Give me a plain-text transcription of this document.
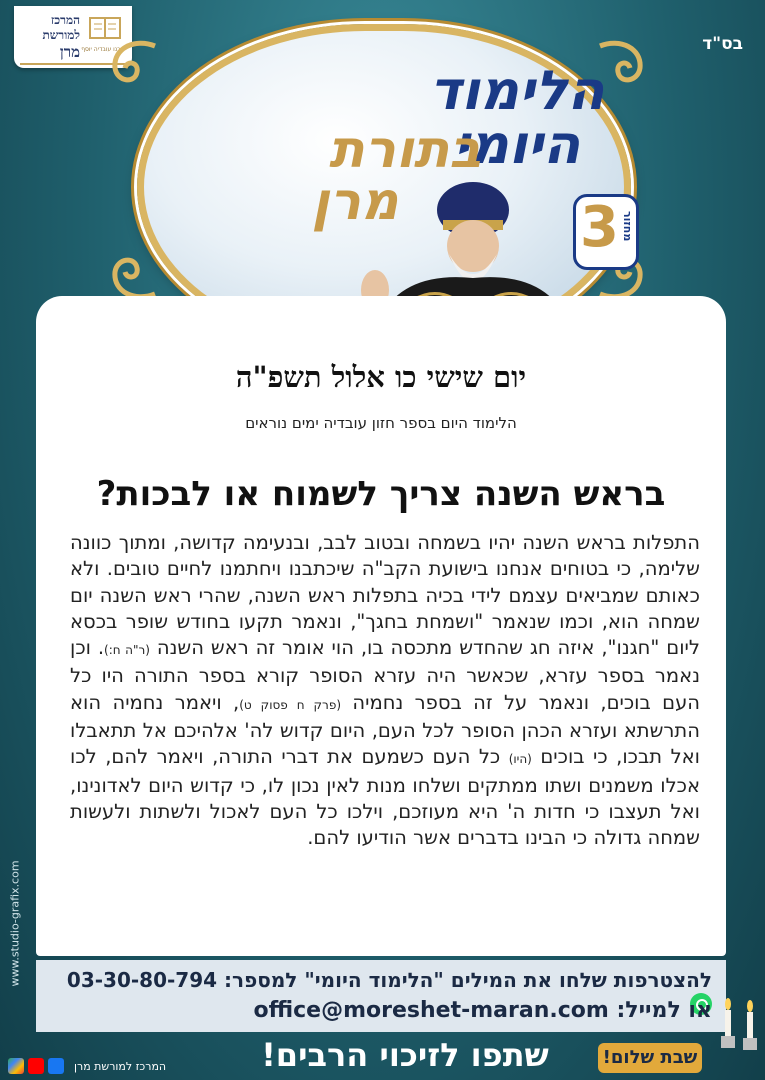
המרכז
למורשת
מרן רבנו עובדיה יוסף	בס"ד
הלימוד
היומי
בתורת
מרן	3 מחזור
יום שישי כו אלול תשפ"ה
הלימוד היום בספר חזון עובדיה ימים נוראים
בראש השנה צריך לשמוח או לבכות?
התפלות בראש השנה יהיו בשמחה ובטוב לבב, ובנעימה קדושה, ומתוך כוונה שלימה, כי בטוחים אנחנו בישועת הקב"ה שיכתבנו ויחתמנו לחיים טובים. ולא כאותם שמביאים עצמם לידי בכיה בתפלות ראש השנה, שהרי ראש השנה יום שמחה הוא, וכמו שנאמר "ושמחת בחגך", ונאמר תקעו בחודש שופר בכסא ליום "חגנו", איזה חג שהחדש מתכסה בו, הוי אומר זה ראש השנה (ר"ה ח:). וכן נאמר בספר עזרא, שכאשר היה עזרא הסופר קורא בספר התורה היו כל העם בוכים, ונאמר על זה בספר נחמיה (פרק ח פסוק ט), ויאמר נחמיה הוא התרשתא ועזרא הכהן הסופר לכל העם, היום קדוש לה' אלהיכם אל תתאבלו ואל תבכו, כי בוכים (היו) כל העם כשמעם את דברי התורה, ויאמר להם, לכו אכלו משמנים ושתו ממתקים ושלחו מנות לאין נכון לו, כי קדוש היום לאדונינו, ואל תעצבו כי חדות ה' היא מעוזכם, וילכו כל העם לאכול ולשתות ולעשות שמחה גדולה כי הבינו בדברים אשר הודיעו להם.
להצטרפות שלחו את המילים "הלימוד היומי" למספר: 03-30-80-794
או למייל: office@moreshet-maran.com
שבת שלום!
שתפו לזיכוי הרבים!
המרכז למורשת מרן
www.studio-grafix.com
